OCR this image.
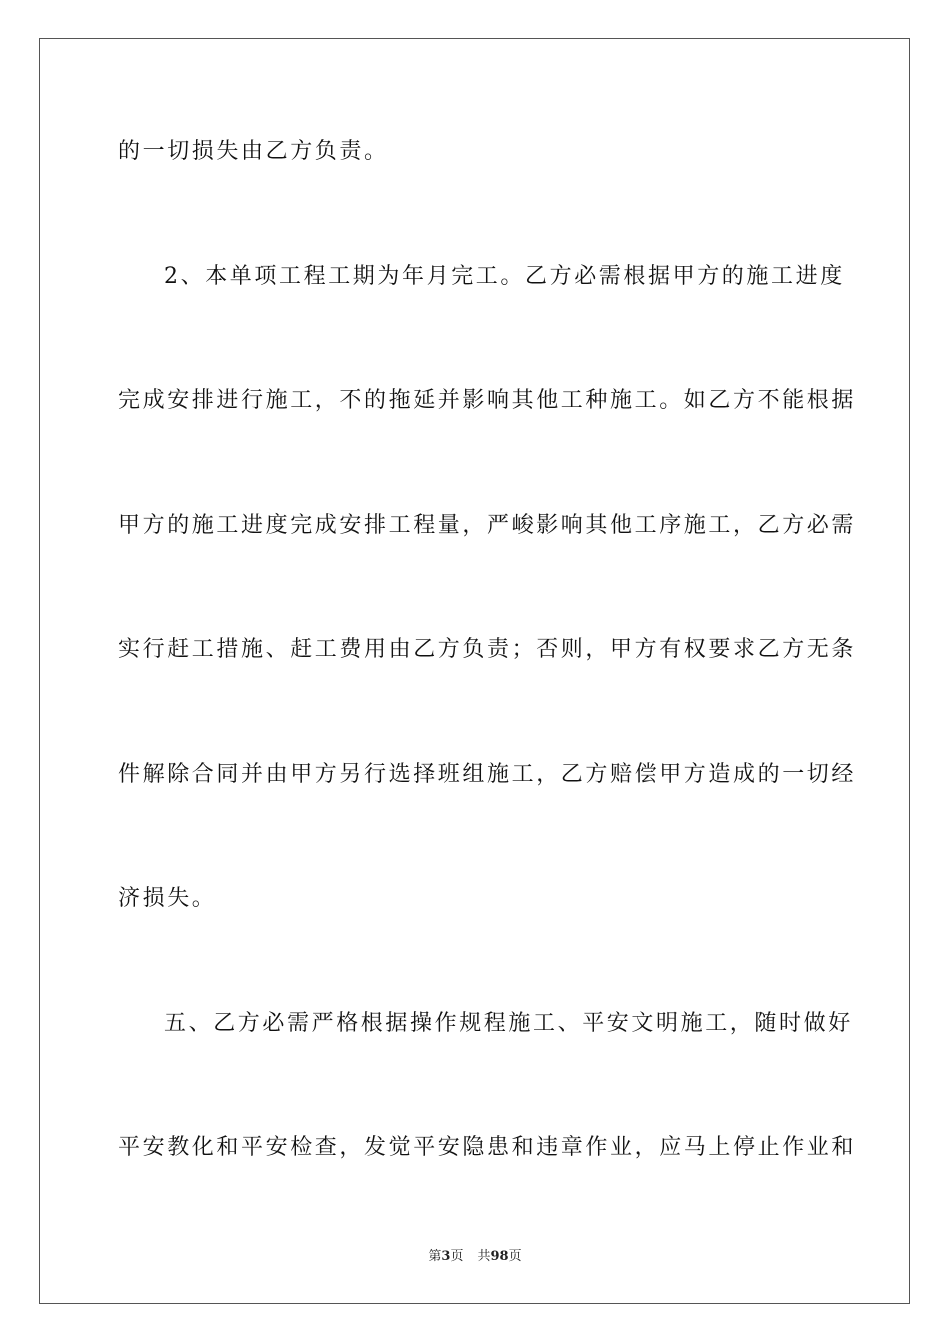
的一切损失由乙方负责。
2、本单项工程工期为年月完工。乙方必需根据甲方的施工进度
完成安排进行施工，不的拖延并影响其他工种施工。如乙方不能根据
甲方的施工进度完成安排工程量，严峻影响其他工序施工，乙方必需
实行赶工措施、赶工费用由乙方负责；否则，甲方有权要求乙方无条
件解除合同并由甲方另行选择班组施工，乙方赔偿甲方造成的一切经
济损失。
五、乙方必需严格根据操作规程施工、平安文明施工，随时做好
平安教化和平安检查，发觉平安隐患和违章作业，应马上停止作业和
第3页 共98页
